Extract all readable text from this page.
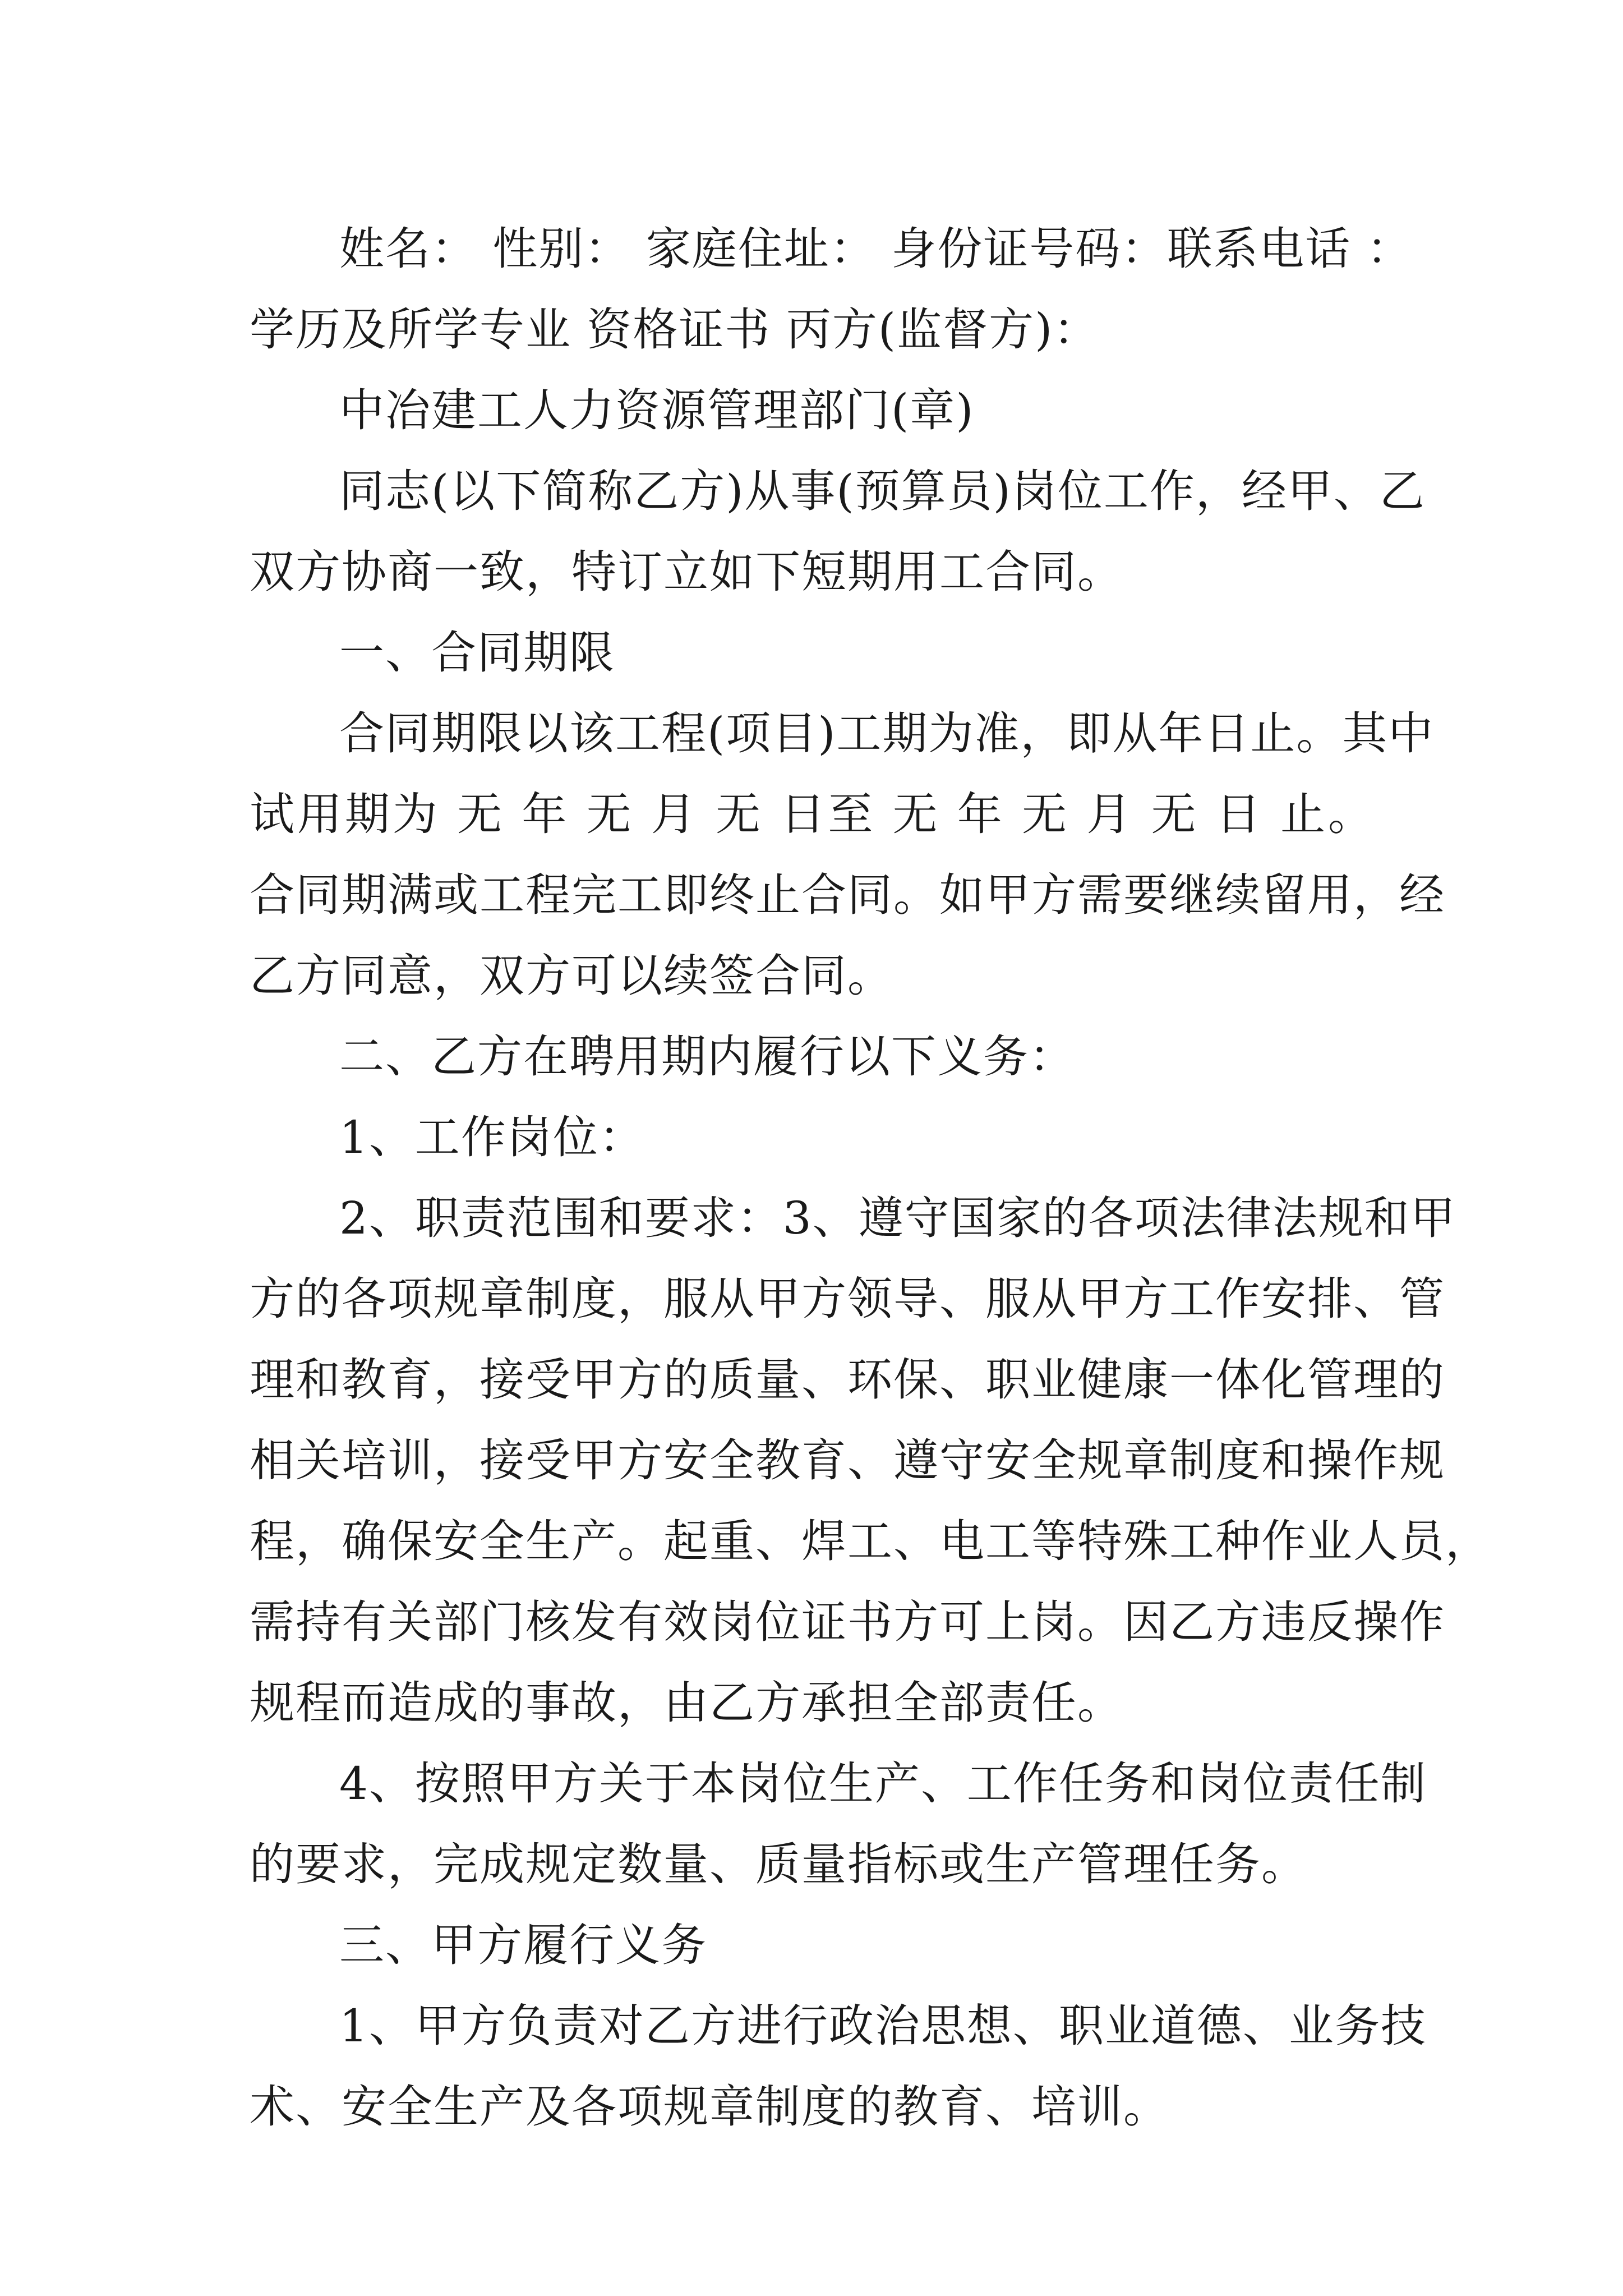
姓名： 性别： 家庭住址： 身份证号码：联系电话 ：
学历及所学专业 资格证书 丙方(监督方)：
中冶建工人力资源管理部门(章)
同志(以下简称乙方)从事(预算员)岗位工作，经甲、乙
双方协商一致，特订立如下短期用工合同。
一、合同期限
合同期限以该工程(项目)工期为准，即从年日止。其中
试用期为 无 年 无 月 无 日至 无 年 无 月 无 日 止。
合同期满或工程完工即终止合同。如甲方需要继续留用，经
乙方同意，双方可以续签合同。
二、乙方在聘用期内履行以下义务：
1、工作岗位：
2、职责范围和要求：3、遵守国家的各项法律法规和甲
方的各项规章制度，服从甲方领导、服从甲方工作安排、管
理和教育，接受甲方的质量、环保、职业健康一体化管理的
相关培训，接受甲方安全教育、遵守安全规章制度和操作规
程，确保安全生产。起重、焊工、电工等特殊工种作业人员，
需持有关部门核发有效岗位证书方可上岗。因乙方违反操作
规程而造成的事故，由乙方承担全部责任。
4、按照甲方关于本岗位生产、工作任务和岗位责任制
的要求，完成规定数量、质量指标或生产管理任务。
三、甲方履行义务
1、甲方负责对乙方进行政治思想、职业道德、业务技
术、安全生产及各项规章制度的教育、培训。
